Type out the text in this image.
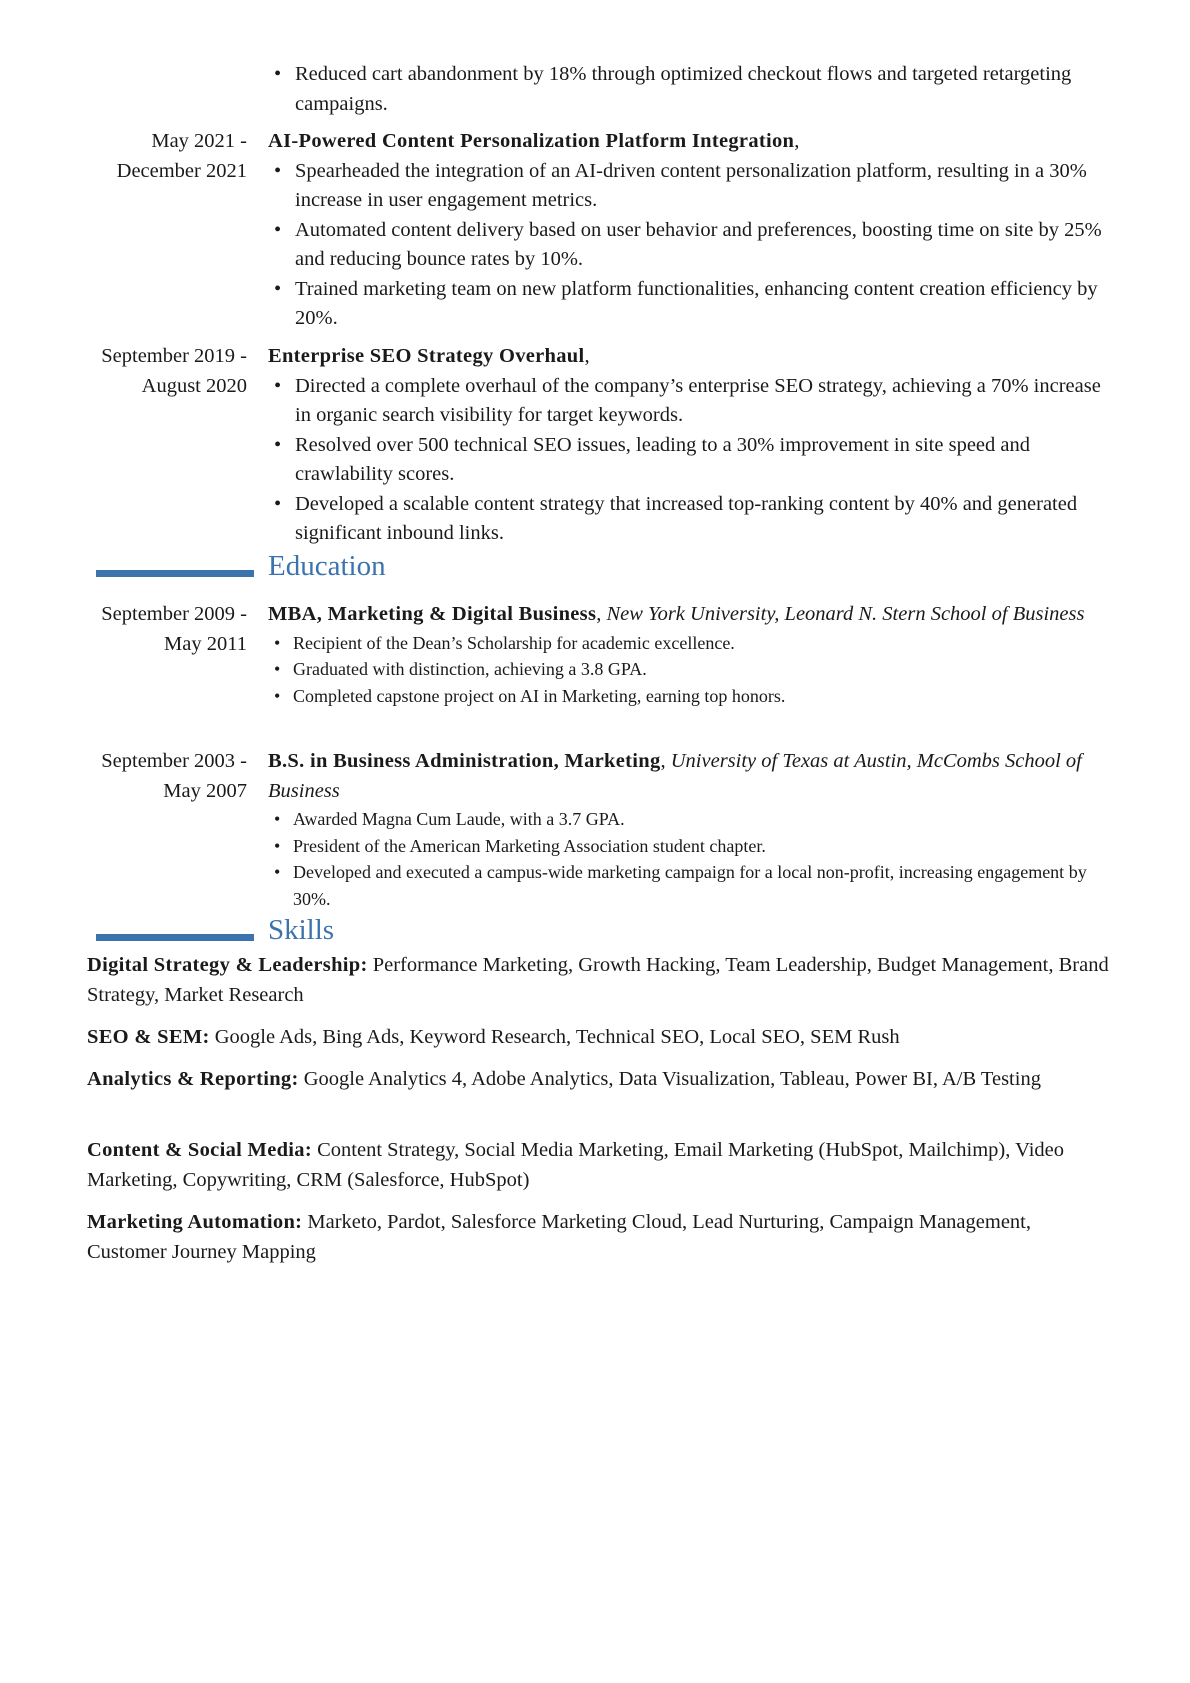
• Reduced cart abandonment by 18% through optimized checkout flows and targeted retargeting campaigns.
May 2021 - December 2021
AI-Powered Content Personalization Platform Integration,
• Spearheaded the integration of an AI-driven content personalization platform, resulting in a 30% increase in user engagement metrics.
• Automated content delivery based on user behavior and preferences, boosting time on site by 25% and reducing bounce rates by 10%.
• Trained marketing team on new platform functionalities, enhancing content creation efficiency by 20%.
September 2019 - August 2020
Enterprise SEO Strategy Overhaul,
• Directed a complete overhaul of the company’s enterprise SEO strategy, achieving a 70% increase in organic search visibility for target keywords.
• Resolved over 500 technical SEO issues, leading to a 30% improvement in site speed and crawlability scores.
• Developed a scalable content strategy that increased top-ranking content by 40% and generated significant inbound links.
Education
September 2009 - May 2011
MBA, Marketing & Digital Business, New York University, Leonard N. Stern School of Business
• Recipient of the Dean’s Scholarship for academic excellence.
• Graduated with distinction, achieving a 3.8 GPA.
• Completed capstone project on AI in Marketing, earning top honors.
September 2003 - May 2007
B.S. in Business Administration, Marketing, University of Texas at Austin, McCombs School of Business
• Awarded Magna Cum Laude, with a 3.7 GPA.
• President of the American Marketing Association student chapter.
• Developed and executed a campus-wide marketing campaign for a local non-profit, increasing engagement by 30%.
Skills
Digital Strategy & Leadership: Performance Marketing, Growth Hacking, Team Leadership, Budget Management, Brand Strategy, Market Research
SEO & SEM: Google Ads, Bing Ads, Keyword Research, Technical SEO, Local SEO, SEM Rush
Analytics & Reporting: Google Analytics 4, Adobe Analytics, Data Visualization, Tableau, Power BI, A/B Testing
Content & Social Media: Content Strategy, Social Media Marketing, Email Marketing (HubSpot, Mailchimp), Video Marketing, Copywriting, CRM (Salesforce, HubSpot)
Marketing Automation: Marketo, Pardot, Salesforce Marketing Cloud, Lead Nurturing, Campaign Management, Customer Journey Mapping
